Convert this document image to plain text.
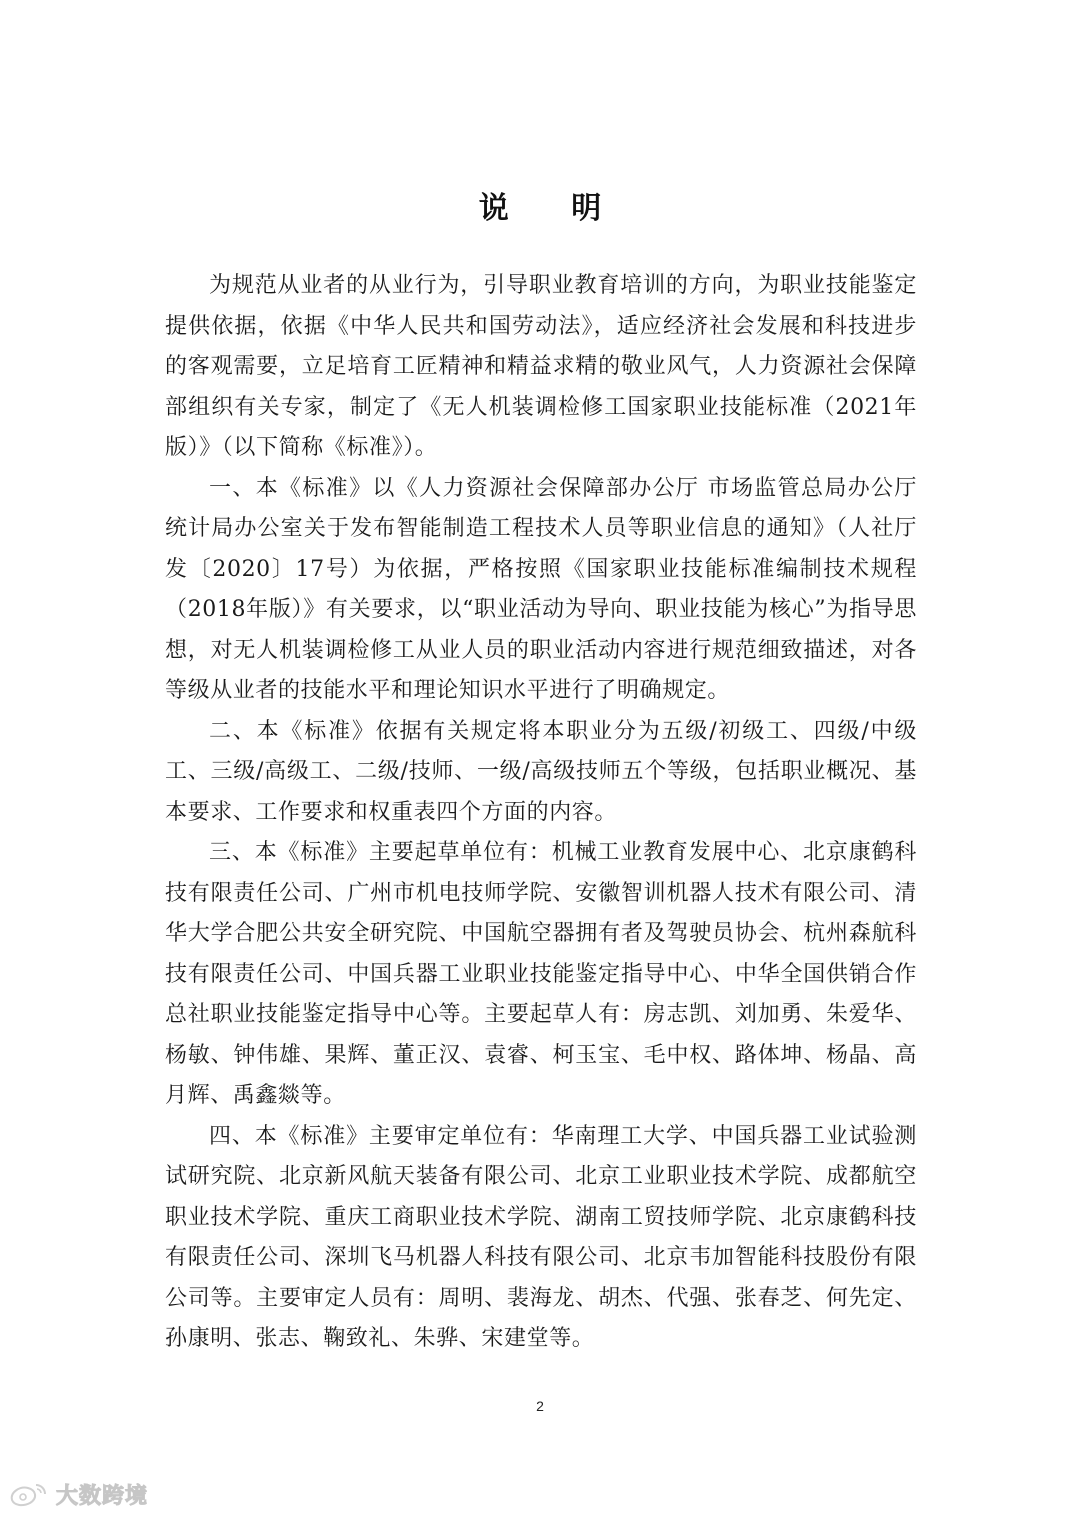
说 明

为规范从业者的从业行为，引导职业教育培训的方向，为职业技能鉴定提供依据，依据《中华人民共和国劳动法》，适应经济社会发展和科技进步的客观需要，立足培育工匠精神和精益求精的敬业风气，人力资源社会保障部组织有关专家，制定了《无人机装调检修工国家职业技能标准（2021年版）》（以下简称《标准》）。

一、本《标准》以《人力资源社会保障部办公厅 市场监管总局办公厅 统计局办公室关于发布智能制造工程技术人员等职业信息的通知》（人社厅发〔2020〕17号）为依据，严格按照《国家职业技能标准编制技术规程（2018年版）》有关要求，以“职业活动为导向、职业技能为核心”为指导思想，对无人机装调检修工从业人员的职业活动内容进行规范细致描述，对各等级从业者的技能水平和理论知识水平进行了明确规定。

二、本《标准》依据有关规定将本职业分为五级/初级工、四级/中级工、三级/高级工、二级/技师、一级/高级技师五个等级，包括职业概况、基本要求、工作要求和权重表四个方面的内容。

三、本《标准》主要起草单位有：机械工业教育发展中心、北京康鹤科技有限责任公司、广州市机电技师学院、安徽智训机器人技术有限公司、清华大学合肥公共安全研究院、中国航空器拥有者及驾驶员协会、杭州森航科技有限责任公司、中国兵器工业职业技能鉴定指导中心、中华全国供销合作总社职业技能鉴定指导中心等。主要起草人有：房志凯、刘加勇、朱爱华、杨敏、钟伟雄、果辉、董正汉、袁睿、柯玉宝、毛中权、路体坤、杨晶、高月辉、禹鑫燚等。

四、本《标准》主要审定单位有：华南理工大学、中国兵器工业试验测试研究院、北京新风航天装备有限公司、北京工业职业技术学院、成都航空职业技术学院、重庆工商职业技术学院、湖南工贸技师学院、北京康鹤科技有限责任公司、深圳飞马机器人科技有限公司、北京韦加智能科技股份有限公司等。主要审定人员有：周明、裴海龙、胡杰、代强、张春芝、何先定、孙康明、张志、鞠致礼、朱骅、宋建堂等。

2
大数跨境
